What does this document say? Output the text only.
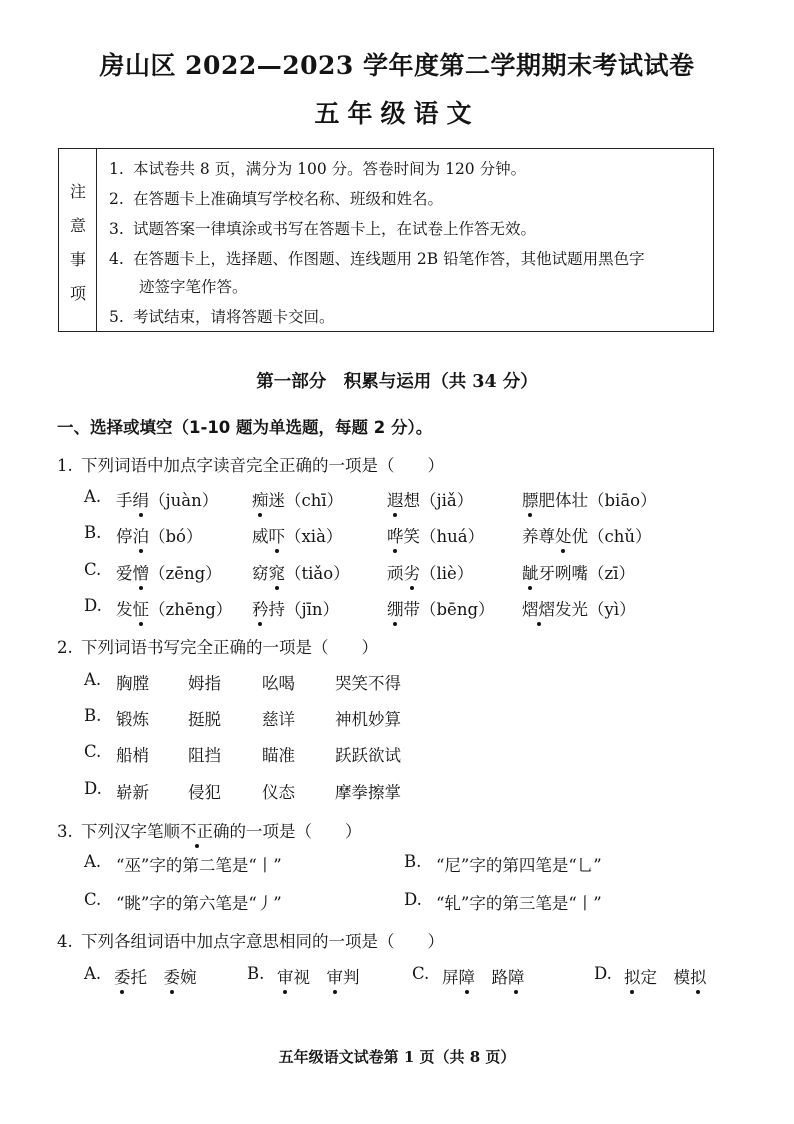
房山区 2022—2023 学年度第二学期期末考试试卷
五年级语文
注
意
事
项
1. 本试卷共 8 页，满分为 100 分。答卷时间为 120 分钟。
2. 在答题卡上准确填写学校名称、班级和姓名。
3. 试题答案一律填涂或书写在答题卡上，在试卷上作答无效。
4. 在答题卡上，选择题、作图题、连线题用 2B 铅笔作答，其他试题用黑色字
迹签字笔作答。
5. 考试结束，请将答题卡交回。
第一部分　积累与运用（共 34 分）
一、选择或填空（1-10 题为单选题，每题 2 分）。
1. 下列词语中加点字读音完全正确的一项是（　　）
A. 手绢（juàn） 痴迷（chī）	遐想（jiǎ）	膘肥体壮（biāo）
B. 停泊（bó）	威吓（xià）	哗笑（huá） 养尊处优（chǔ）
C. 爱憎（zēng） 窈窕（tiǎo） 顽劣（liè）	龇牙咧嘴（zī）
D. 发怔（zhēng） 矜持（jīn）	绷带（bēng） 熠熠发光（yì）
2. 下列词语书写完全正确的一项是（　　）
A. 胸膛 姆指 吆喝 哭笑不得
B. 锻炼 挺脱 慈详 神机妙算
C. 船梢 阻挡 瞄准 跃跃欲试
D. 崭新 侵犯 仪态 摩拳擦掌
3. 下列汉字笔顺不正确的一项是（　　）
A. “巫”字的第二笔是“丨”	B. “尼”字的第四笔是“乚”
C. “眺”字的第六笔是“丿”	D. “轧”字的第三笔是“丨”
4. 下列各组词语中加点字意思相同的一项是（　　）
A. 委托　 委婉	B. 审视　 审判	C. 屏障　 路障	D. 拟定　 模拟
五年级语文试卷第 1 页（共 8 页）
